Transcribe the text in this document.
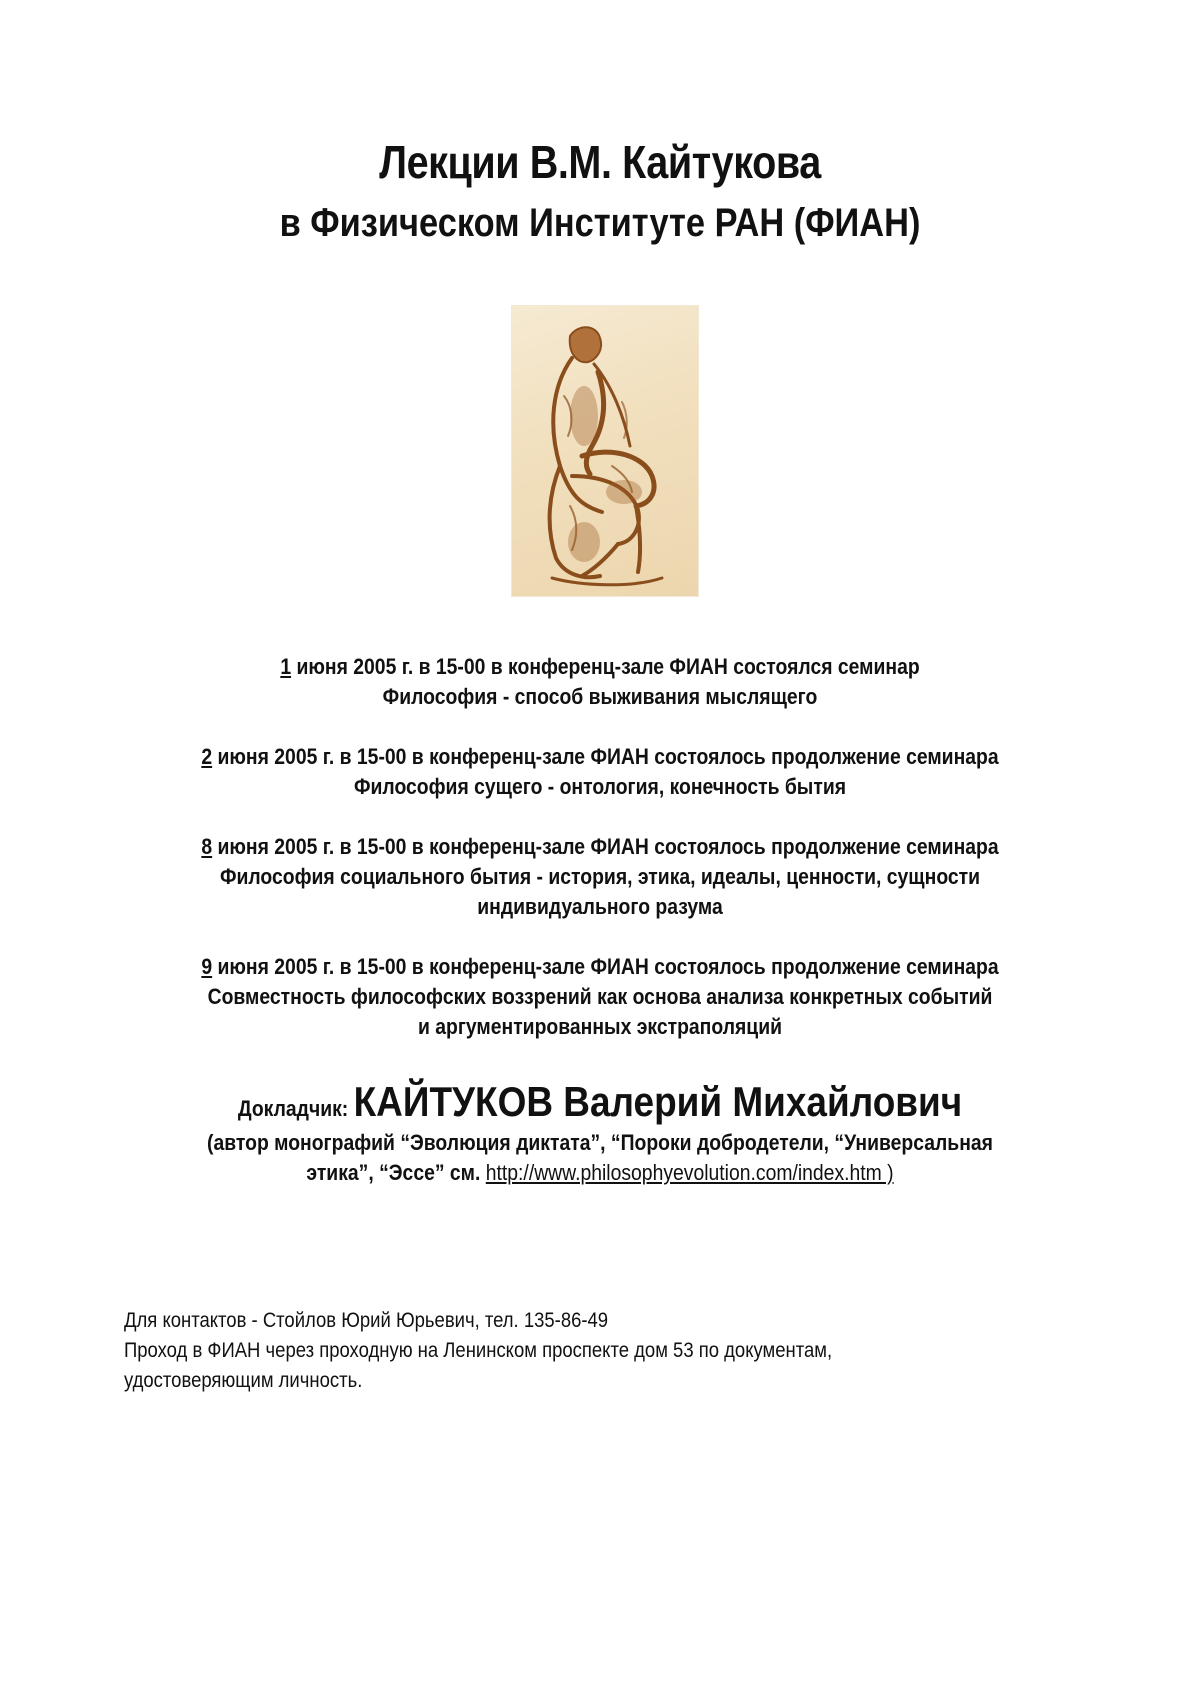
Лекции В.М. Кайтукова
в Физическом Институте РАН (ФИАН)

1 июня 2005 г. в 15-00 в конференц-зале ФИАН состоялся семинар

Философия - способ выживания мыслящего

2 июня 2005 г. в 15-00 в конференц-зале ФИАН состоялось продолжение семинара

Философия сущего - онтология, конечность бытия

8 июня 2005 г. в 15-00 в конференц-зале ФИАН состоялось продолжение семинара

Философия социального бытия - история, этика, идеалы, ценности, сущности

индивидуального разума

9 июня 2005 г. в 15-00 в конференц-зале ФИАН состоялось продолжение семинара

Совместность философских воззрений как основа анализа конкретных событий

и аргументированных экстраполяций

Докладчик: КАЙТУКОВ Валерий Михайлович

(автор монографий “Эволюция диктата”, “Пороки добродетели, “Универсальная

этика”, “Эссе” см. http://www.philosophyevolution.com/index.htm )

Для контактов - Стойлов Юрий Юрьевич, тел. 135-86-49

Проход в ФИАН через проходную на Ленинском проспекте дом 53 по документам,

удостоверяющим личность.
